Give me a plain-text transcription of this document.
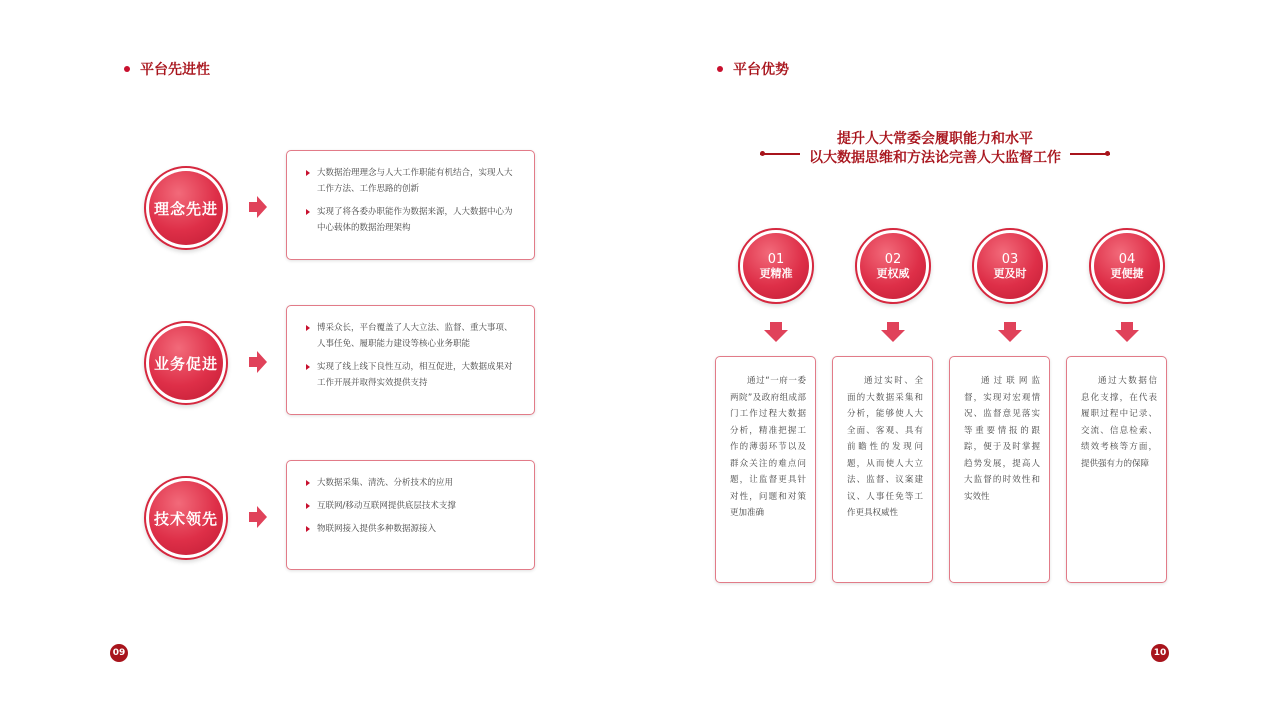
平台先进性
理念先进

大数据治理理念与人大工作职能有机结合，实现人大工作方法、工作思路的创新

实现了将各委办职能作为数据来源，人大数据中心为中心载体的数据治理架构

业务促进

博采众长，平台覆盖了人大立法、监督、重大事项、人事任免、履职能力建设等核心业务职能

实现了线上线下良性互动，相互促进，大数据成果对工作开展并取得实效提供支持

技术领先

大数据采集、清洗、分析技术的应用

互联网/移动互联网提供底层技术支撑

物联网接入提供多种数据源接入

09
平台优势
提升人大常委会履职能力和水平
以大数据思维和方法论完善人大监督工作
01
更精准
通过“一府一委两院”及政府组成部门工作过程大数据分析，精准把握工作的薄弱环节以及群众关注的难点问题，让监督更具针对性，问题和对策更加准确
02
更权威
通过实时、全面的大数据采集和分析，能够使人大全面、客观、具有前瞻性的发现问题，从而使人大立法、监督、议案建议、人事任免等工作更具权威性
03
更及时
通过联网监督，实现对宏观情况、监督意见落实等重要情报的跟踪，便于及时掌握趋势发展，提高人大监督的时效性和实效性
04
更便捷
通过大数据信息化支撑，在代表履职过程中记录、交流、信息检索、绩效考核等方面，提供强有力的保障
10
